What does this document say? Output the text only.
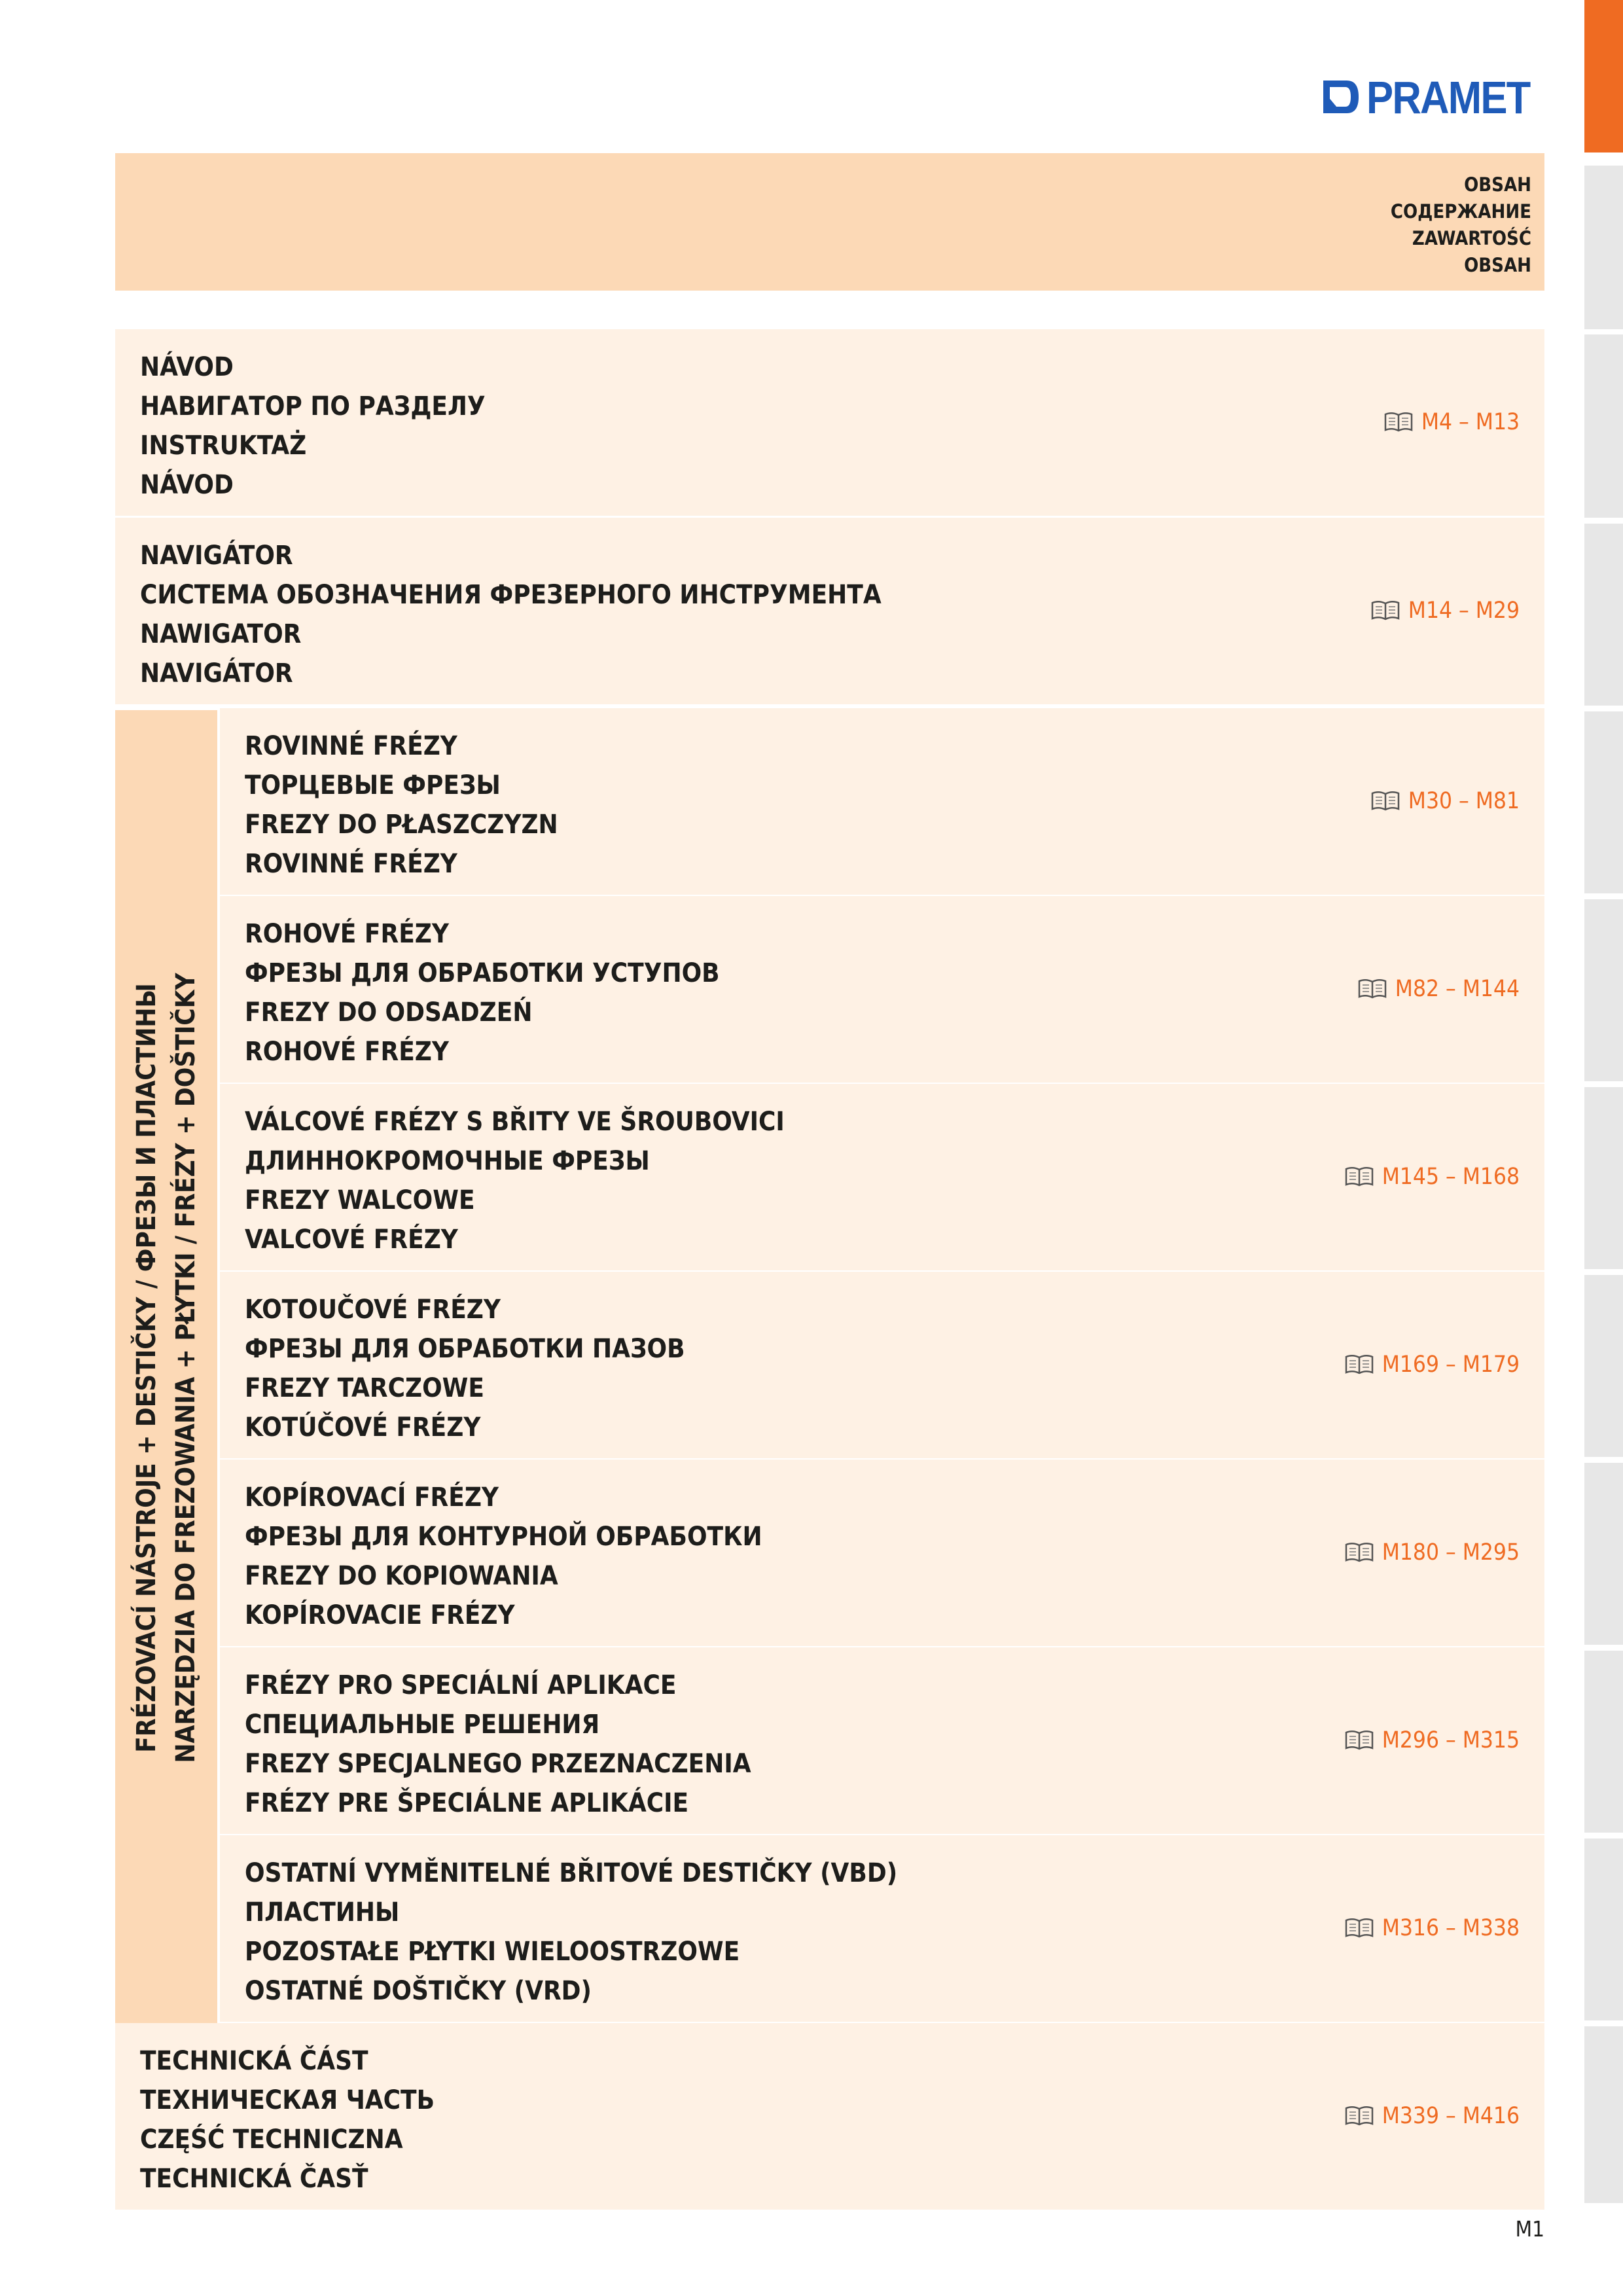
PRAMET
OBSAH
СОДЕРЖАНИЕ
ZAWARTOŚĆ
OBSAH
FRÉZOVACÍ NÁSTROJE + DESTIČKY / ФРЕЗЫ И ПЛАСТИНЫ NARZĘDZIA DO FREZOWANIA + PŁYTKI / FRÉZY + DOŠTIČKY
NÁVOD
НАВИГАТОР ПО РАЗДЕЛУ
INSTRUKTAŻ
NÁVOD
M4 – M13
NAVIGÁTOR
СИСТЕМА ОБОЗНАЧЕНИЯ ФРЕЗЕРНОГО ИНСТРУМЕНТА
NAWIGATOR
NAVIGÁTOR
M14 – M29
ROVINNÉ FRÉZY
ТОРЦЕВЫЕ ФРЕЗЫ
FREZY DO PŁASZCZYZN
ROVINNÉ FRÉZY
M30 – M81
ROHOVÉ FRÉZY
ФРЕЗЫ ДЛЯ ОБРАБОТКИ УСТУПОВ
FREZY DO ODSADZEŃ
ROHOVÉ FRÉZY
M82 – M144
VÁLCOVÉ FRÉZY S BŘITY VE ŠROUBOVICI
ДЛИННОКРОМОЧНЫЕ ФРЕЗЫ
FREZY WALCOWE
VALCOVÉ FRÉZY
M145 – M168
KOTOUČOVÉ FRÉZY
ФРЕЗЫ ДЛЯ ОБРАБОТКИ ПАЗОВ
FREZY TARCZOWE
KOTÚČOVÉ FRÉZY
M169 – M179
KOPÍROVACÍ FRÉZY
ФРЕЗЫ ДЛЯ КОНТУРНОЙ ОБРАБОТКИ
FREZY DO KOPIOWANIA
KOPÍROVACIE FRÉZY
M180 – M295
FRÉZY PRO SPECIÁLNÍ APLIKACE
СПЕЦИАЛЬНЫЕ РЕШЕНИЯ
FREZY SPECJALNEGO PRZEZNACZENIA
FRÉZY PRE ŠPECIÁLNE APLIKÁCIE
M296 – M315
OSTATNÍ VYMĚNITELNÉ BŘITOVÉ DESTIČKY (VBD)
ПЛАСТИНЫ
POZOSTAŁE PŁYTKI WIELOOSTRZOWE
OSTATNÉ DOŠTIČKY (VRD)
M316 – M338
TECHNICKÁ ČÁST
ТЕХНИЧЕСКАЯ ЧАСТЬ
CZĘŚĆ TECHNICZNA
TECHNICKÁ ČASŤ
M339 – M416
M1
